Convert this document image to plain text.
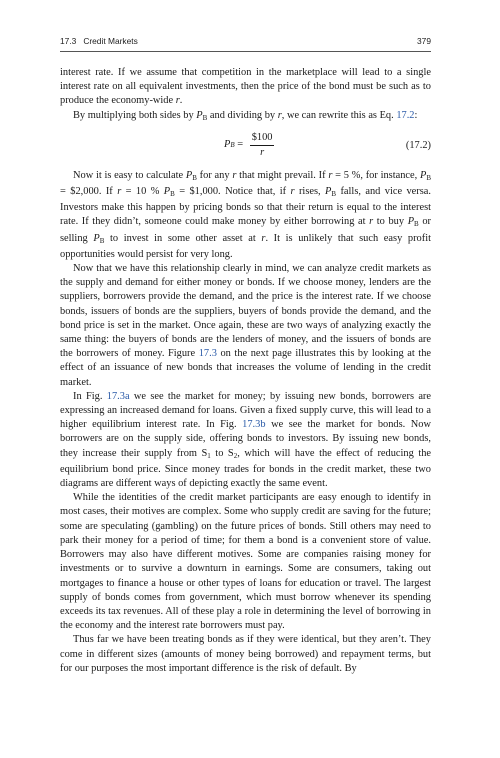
17.3 Credit Markets	379

interest rate. If we assume that competition in the marketplace will lead to a single interest rate on all equivalent investments, then the price of the bond must be such as to produce the economy-wide r.

By multiplying both sides by $P_B$ and dividing by r, we can rewrite this as Eq. 17.2:

P $B = \frac{\$100}{r}$	(17.2)

Now it is easy to calculate $P_B$ for any r that might prevail. If r = 5 %, for instance, $P_B$ = $2,000. If r = 10 % $P_B$ = $1,000. Notice that, if r rises, $P_B$ falls, and vice versa. Investors make this happen by pricing bonds so that their return is equal to the interest rate. If they didn’t, someone could make money by either borrowing at r to buy $P_B$ or selling $P_B$ to invest in some other asset at r. It is unlikely that such easy profit opportunities would persist for very long.

Now that we have this relationship clearly in mind, we can analyze credit markets as the supply and demand for either money or bonds. If we choose money, lenders are the suppliers, borrowers provide the demand, and the price is the interest rate. If we choose bonds, issuers of bonds are the suppliers, buyers of bonds provide the demand, and the bond price is set in the market. Once again, these are two ways of analyzing exactly the same thing: the buyers of bonds are the lenders of money, and the issuers of bonds are the borrowers of money. Figure 17.3 on the next page illustrates this by looking at the effect of an issuance of new bonds that increases the volume of lending in the credit market.

In Fig. 17.3a we see the market for money; by issuing new bonds, borrowers are expressing an increased demand for loans. Given a fixed supply curve, this will lead to a higher equilibrium interest rate. In Fig. 17.3b we see the market for bonds. Now borrowers are on the supply side, offering bonds to investors. By issuing new bonds, they increase their supply from $S_1$ to $S_2$, which will have the effect of reducing the equilibrium bond price. Since money trades for bonds in the credit market, these two diagrams are different ways of depicting exactly the same event.

While the identities of the credit market participants are easy enough to identify in most cases, their motives are complex. Some who supply credit are saving for the future; some are speculating (gambling) on the future prices of bonds. Still others may need to park their money for a period of time; for them a bond is a convenient store of value. Borrowers may also have different motives. Some are companies raising money for investments or to survive a downturn in earnings. Some are consumers, taking out mortgages to finance a house or other types of loans for education or travel. The largest supply of bonds comes from government, which must borrow whenever its spending exceeds its tax revenues. All of these play a role in determining the level of borrowing in the economy and the interest rate borrowers must pay.

Thus far we have been treating bonds as if they were identical, but they aren’t. They come in different sizes (amounts of money being borrowed) and repayment terms, but for our purposes the most important difference is the risk of default. By
